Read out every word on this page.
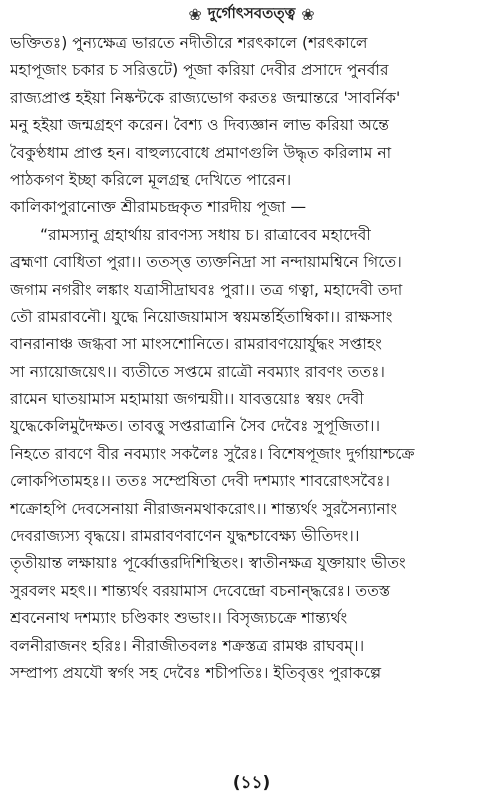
❀ দুর্গোৎসবতত্ত্ব ❀
ভক্তিতঃ) পুন্যক্ষেত্র ভারতে নদীতীরে শরৎকালে (শরৎকালে
মহাপূজাং চকার চ সরিত্তটে) পূজা করিয়া দেবীর প্রসাদে পুনর্বার
রাজ্যপ্রাপ্ত হইয়া নিষ্কন্টকে রাজ্যভোগ করতঃ জন্মান্তরে 'সাবর্নিক'
মনু হইয়া জন্মগ্রহণ করেন। বৈশ্য ও দিব্যজ্ঞান লাভ করিয়া অন্তে
বৈকুণ্ঠধাম প্রাপ্ত হন। বাহুল্যবোধে প্রমাণগুলি উদ্ধৃত করিলাম না
পাঠকগণ ইচ্ছা করিলে মূলগ্রন্থ দেখিতে পারেন।
কালিকাপুরানোক্ত শ্রীরামচন্দ্রকৃত শারদীয় পূজা —
“রামস্যানু গ্রহার্থায় রাবণস্য সধায় চ। রাত্রাবেব মহাদেবী
ব্রহ্মণা বোধিতা পুরা।। ততস্ত্ত ত্যক্তনিদ্রা সা নন্দায়ামশ্বিনে গিতে।
জগাম নগরীং লঙ্কাং যত্রাসীদ্রাঘবঃ পুরা।। তত্র গত্বা, মহাদেবী তদা
তৌ রামরাবনৌ। যুদ্ধে নিয়োজয়ামাস স্বয়মন্তর্হিতাম্বিকা।। রাক্ষসাং
বানরানাঞ্চ জগ্ধবা সা মাংসশোনিতে। রামরাবণয়োর্যুদ্ধং সপ্তাহং
সা ন্যায়োজয়েৎ।। ব্যতীতে সপ্তমে রাত্রৌ নবম্যাং রাবণং ততঃ।
রামেন ঘাতয়ামাস মহামায়া জগন্ময়ী।। যাবত্তয়োঃ স্বয়ং দেবী
যুদ্ধেকেলিমুদৈক্ষত। তাবত্তু সপ্তরাত্রানি সৈব দেবৈঃ সুপূজিতা।।
নিহতে রাবণে বীর নবম্যাং সকলৈঃ সুরৈঃ। বিশেষপূজাং দুর্গায়াশ্চক্রে
লোকপিতামহঃ।। ততঃ সম্প্রেষিতা দেবী দশম্যাং শাবরোৎসবৈঃ।
শক্রোহপি দেবসেনায়া নীরাজনমথাকরোৎ।। শান্ত্যর্থং সুরসৈন্যানাং
দেবরাজ্যস্য বৃদ্ধয়ে। রামরাবণবাণেন যুদ্ধশ্চাবেক্ষ্য ভীতিদং।।
তৃতীয়ান্ত লক্ষায়াঃ পূর্ব্বোত্তরদিশিস্থিতং। স্বাতীনক্ষত্র যুক্তায়াং ভীতং
সুরবলং মহৎ।। শান্ত্যর্থং বরয়ামাস দেবেন্দ্রো বচনান্দ্ধরেঃ। ততস্ত
শ্রবনেনাথ দশম্যাং চণ্ডিকাং শুভাং।। বিসৃজ্যচক্রে শান্ত্যর্থং
বলনীরাজনং হরিঃ। নীরাজীতবলঃ শক্রস্তত্র রামঞ্চ রাঘবম্।।
সম্প্রাপ্য প্রযযৌ স্বর্গং সহ দেবৈঃ শচীপতিঃ। ইতিবৃত্তং পুরাকল্পে
(১১)
